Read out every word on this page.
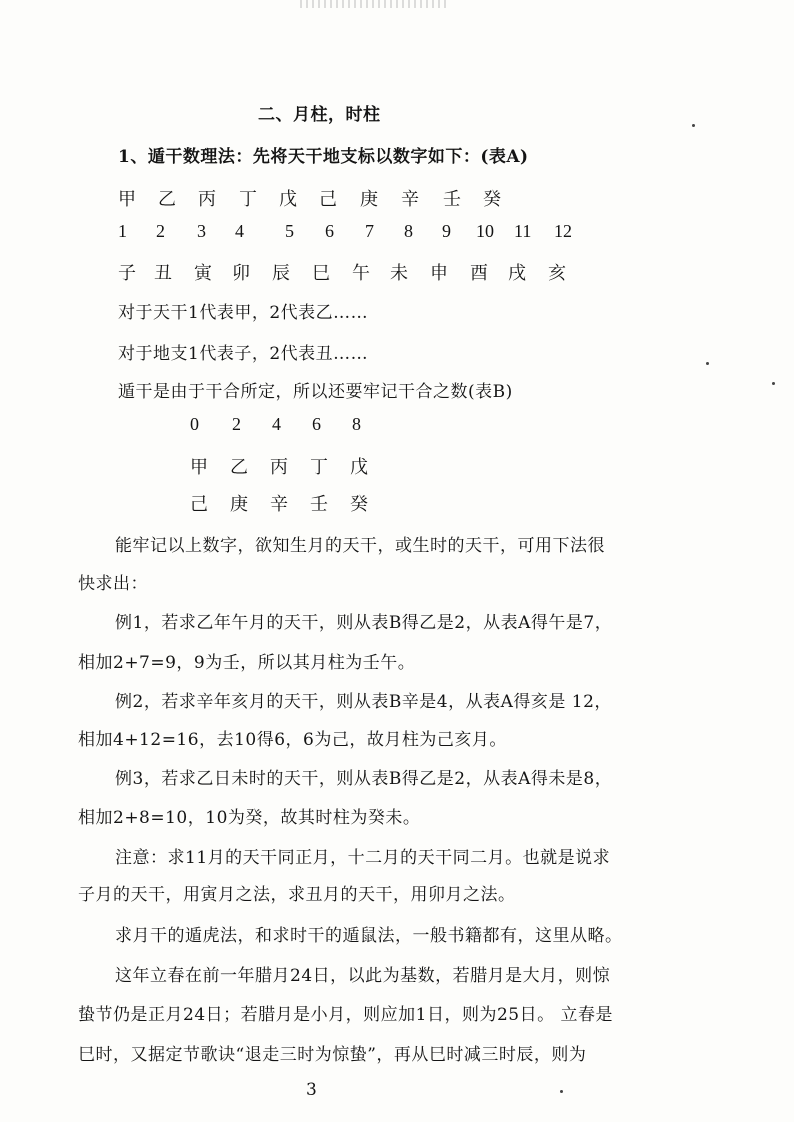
二、月柱，时柱
1、遁干数理法：先将天干地支标以数字如下：(表A)
甲 乙 丙 丁 戊 己 庚 辛 壬 癸
1 2 3 4 5 6 7 8 9 10 11 12
子 丑 寅 卯 辰 巳 午 未 申 酉 戌 亥
对于天干1代表甲，2代表乙……
对于地支1代表子，2代表丑……
遁干是由于干合所定，所以还要牢记干合之数(表B)
0 2 4 6 8
甲 乙 丙 丁 戊
己 庚 辛 壬 癸
能牢记以上数字，欲知生月的天干，或生时的天干，可用下法很
快求出：
例1，若求乙年午月的天干，则从表B得乙是2，从表A得午是7，
相加2+7=9，9为壬，所以其月柱为壬午。
例2，若求辛年亥月的天干，则从表B辛是4，从表A得亥是 12，
相加4+12=16，去10得6，6为己，故月柱为己亥月。
例3，若求乙日未时的天干，则从表B得乙是2，从表A得未是8，
相加2+8=10，10为癸，故其时柱为癸未。
注意：求11月的天干同正月，十二月的天干同二月。也就是说求
子月的天干，用寅月之法，求丑月的天干，用卯月之法。
求月干的遁虎法，和求时干的遁鼠法，一般书籍都有，这里从略。
这年立春在前一年腊月24日，以此为基数，若腊月是大月，则惊
蛰节仍是正月24日；若腊月是小月，则应加1日，则为25日。 立春是
巳时，又据定节歌诀“退走三时为惊蛰”，再从巳时减三时辰，则为
3
